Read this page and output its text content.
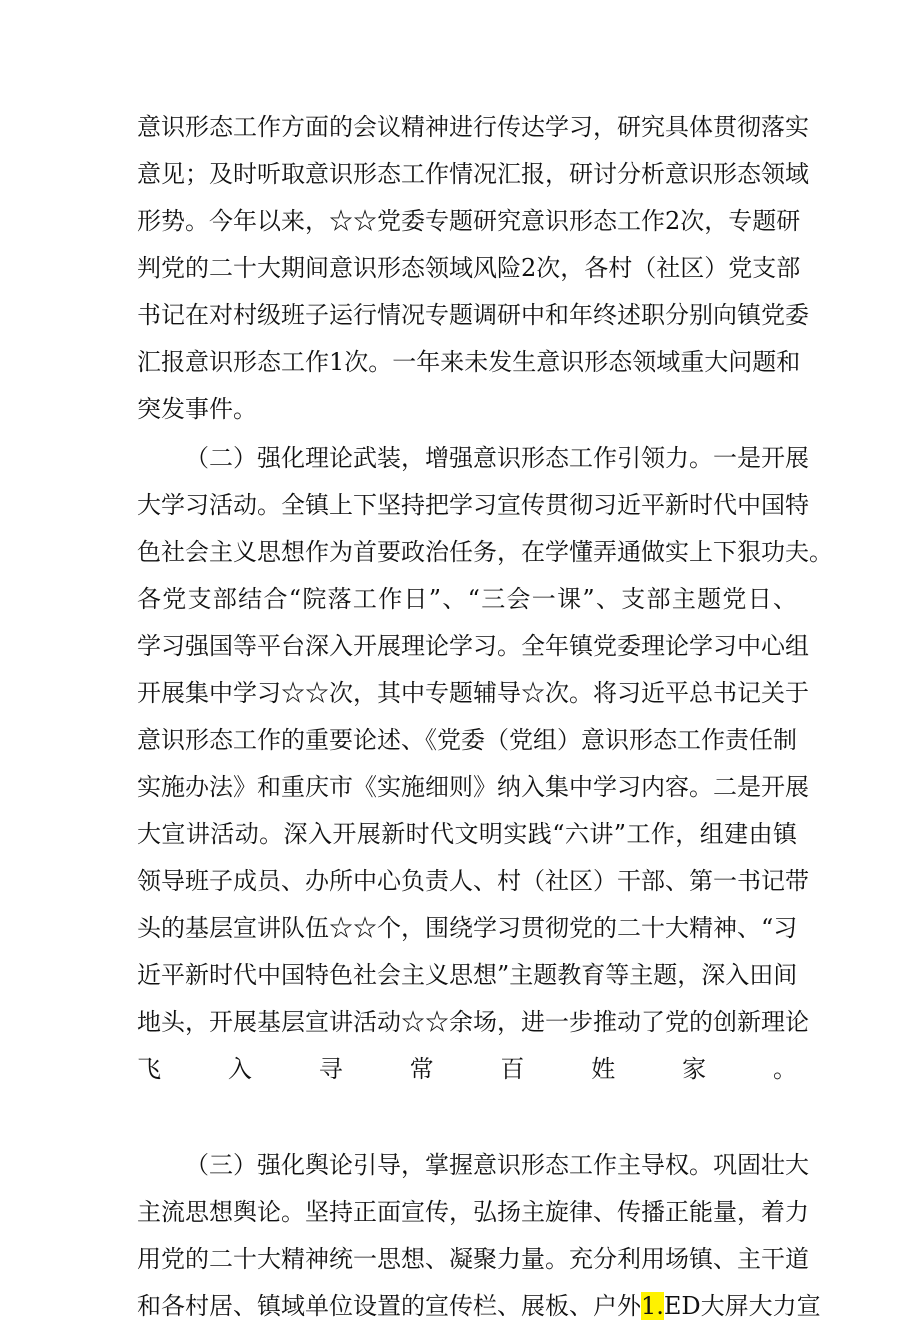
意识形态工作方面的会议精神进行传达学习，研究具体贯彻落实
意见；及时听取意识形态工作情况汇报，研讨分析意识形态领域
形势。今年以来，☆☆党委专题研究意识形态工作2次，专题研
判党的二十大期间意识形态领域风险2次，各村（社区）党支部
书记在对村级班子运行情况专题调研中和年终述职分别向镇党委
汇报意识形态工作1次。一年来未发生意识形态领域重大问题和
突发事件。
（二）强化理论武装，增强意识形态工作引领力。一是开展
大学习活动。全镇上下坚持把学习宣传贯彻习近平新时代中国特
色社会主义思想作为首要政治任务，在学懂弄通做实上下狠功夫。
各党支部结合“院落工作日”、“三会一课”、支部主题党日、
学习强国等平台深入开展理论学习。全年镇党委理论学习中心组
开展集中学习☆☆次，其中专题辅导☆次。将习近平总书记关于
意识形态工作的重要论述、《党委（党组）意识形态工作责任制
实施办法》和重庆市《实施细则》纳入集中学习内容。二是开展
大宣讲活动。深入开展新时代文明实践“六讲”工作，组建由镇
领导班子成员、办所中心负责人、村（社区）干部、第一书记带
头的基层宣讲队伍☆☆个，围绕学习贯彻党的二十大精神、“习
近平新时代中国特色社会主义思想”主题教育等主题，深入田间
地头，开展基层宣讲活动☆☆余场，进一步推动了党的创新理论
飞入寻常百姓家。
（三）强化舆论引导，掌握意识形态工作主导权。巩固壮大
主流思想舆论。坚持正面宣传，弘扬主旋律、传播正能量，着力
用党的二十大精神统一思想、凝聚力量。充分利用场镇、主干道
和各村居、镇域单位设置的宣传栏、展板、户外1.ED大屏大力宣
